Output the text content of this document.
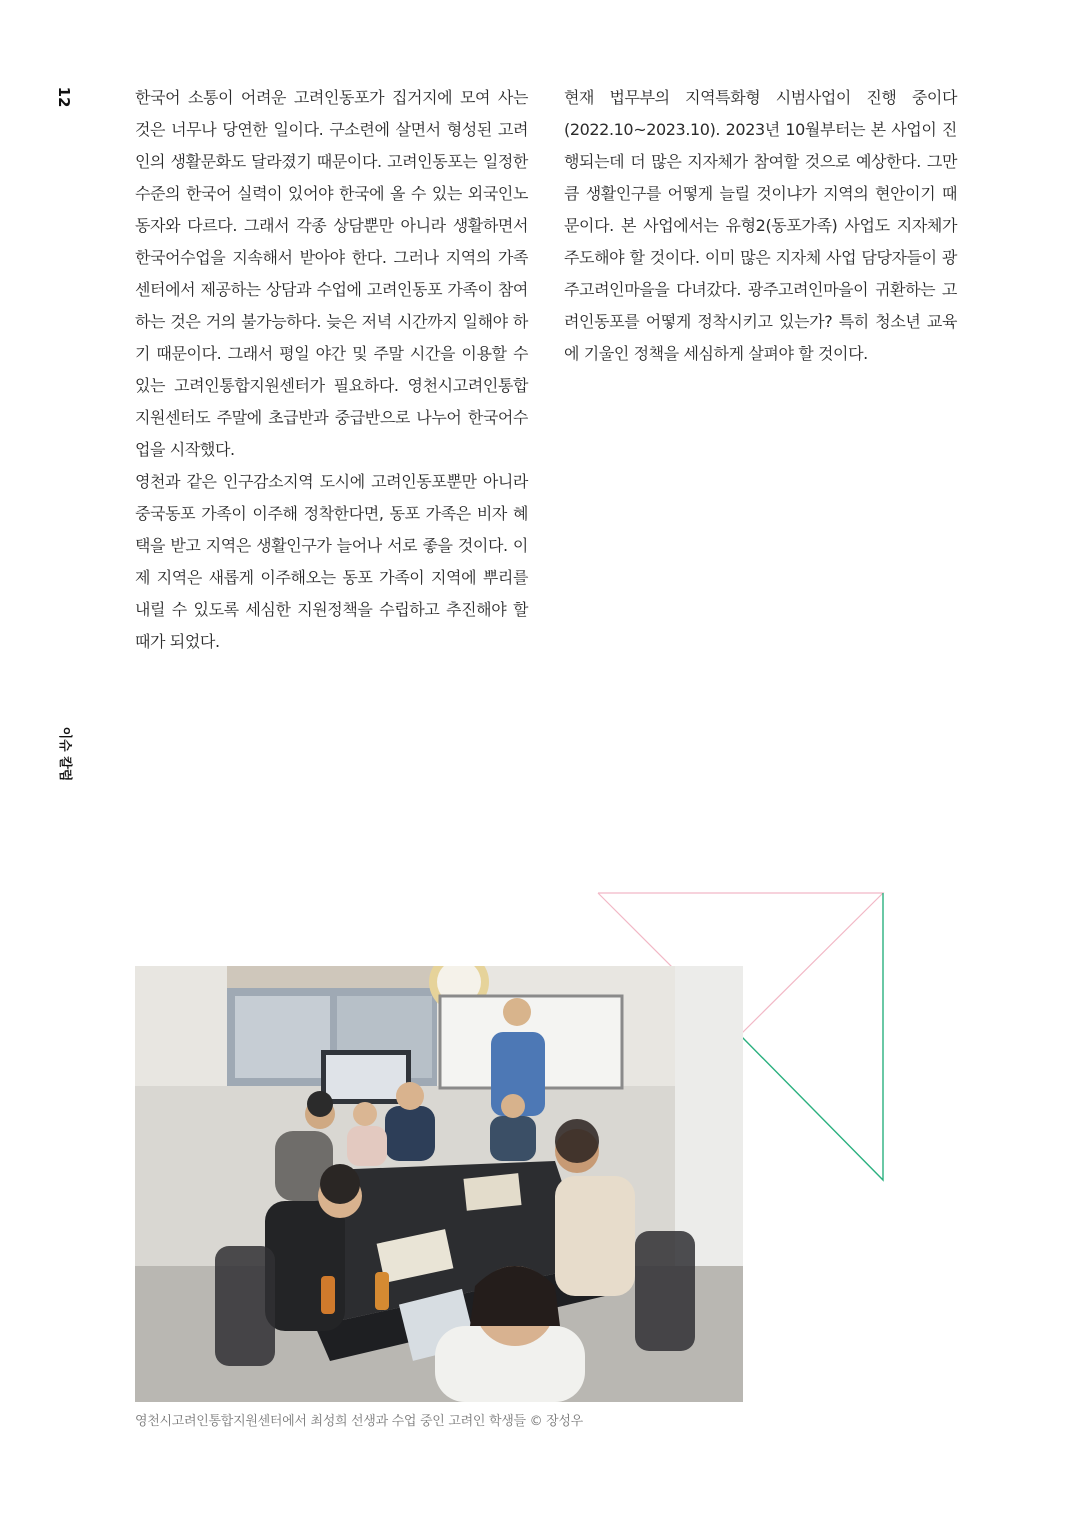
12
이슈 칼럼

한국어 소통이 어려운 고려인동포가 집거지에 모여 사는 것은 너무나 당연한 일이다. 구소련에 살면서 형성된 고려인의 생활문화도 달라졌기 때문이다. 고려인동포는 일정한 수준의 한국어 실력이 있어야 한국에 올 수 있는 외국인노동자와 다르다. 그래서 각종 상담뿐만 아니라 생활하면서 한국어수업을 지속해서 받아야 한다. 그러나 지역의 가족센터에서 제공하는 상담과 수업에 고려인동포 가족이 참여하는 것은 거의 불가능하다. 늦은 저녁 시간까지 일해야 하기 때문이다. 그래서 평일 야간 및 주말 시간을 이용할 수 있는 고려인통합지원센터가 필요하다. 영천시고려인통합지원센터도 주말에 초급반과 중급반으로 나누어 한국어수업을 시작했다.

영천과 같은 인구감소지역 도시에 고려인동포뿐만 아니라 중국동포 가족이 이주해 정착한다면, 동포 가족은 비자 혜택을 받고 지역은 생활인구가 늘어나 서로 좋을 것이다. 이제 지역은 새롭게 이주해오는 동포 가족이 지역에 뿌리를 내릴 수 있도록 세심한 지원정책을 수립하고 추진해야 할 때가 되었다.

현재 법무부의 지역특화형 시범사업이 진행 중이다(2022.10~2023.10). 2023년 10월부터는 본 사업이 진행되는데 더 많은 지자체가 참여할 것으로 예상한다. 그만큼 생활인구를 어떻게 늘릴 것이냐가 지역의 현안이기 때문이다. 본 사업에서는 유형2(동포가족) 사업도 지자체가 주도해야 할 것이다. 이미 많은 지자체 사업 담당자들이 광주고려인마을을 다녀갔다. 광주고려인마을이 귀환하는 고려인동포를 어떻게 정착시키고 있는가? 특히 청소년 교육에 기울인 정책을 세심하게 살펴야 할 것이다.

영천시고려인통합지원센터에서 최성희 선생과 수업 중인 고려인 학생들 © 장성우
